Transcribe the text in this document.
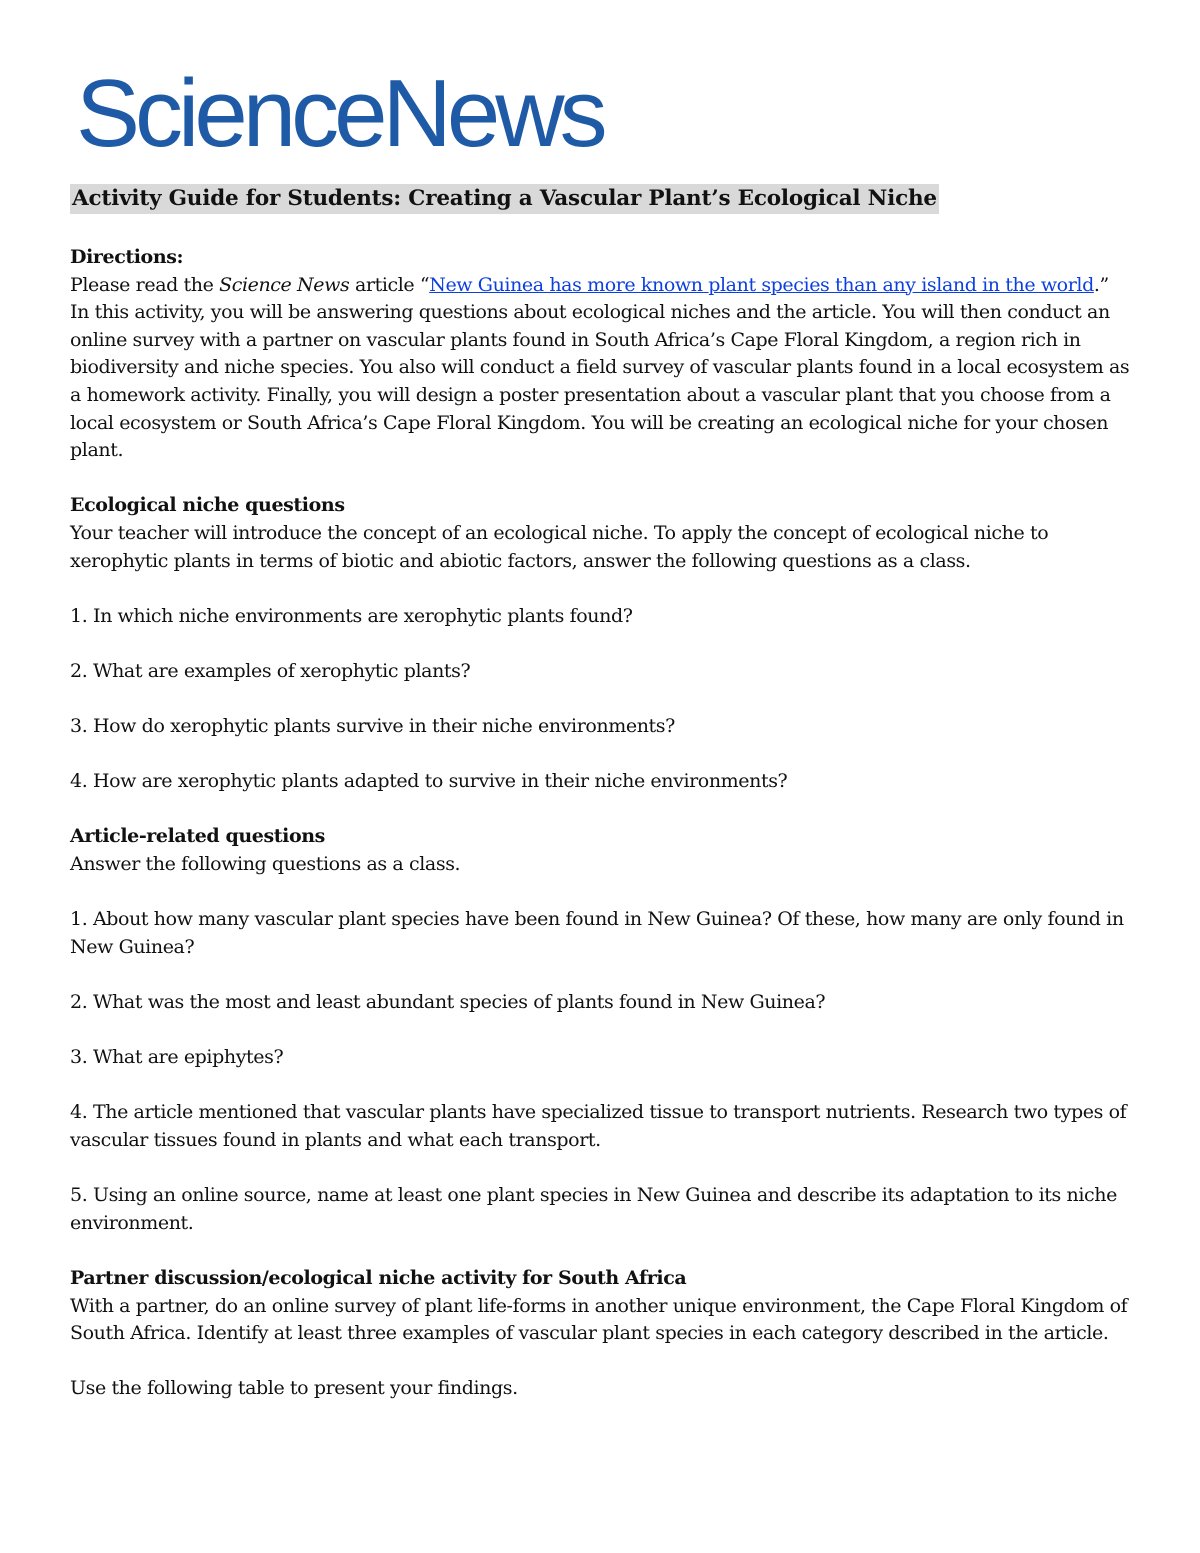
ScienceNews
Activity Guide for Students: Creating a Vascular Plant’s Ecological Niche

Directions:
Please read the Science News article “New Guinea has more known plant species than any island in the world.” In this activity, you will be answering questions about ecological niches and the article. You will then conduct an online survey with a partner on vascular plants found in South Africa’s Cape Floral Kingdom, a region rich in biodiversity and niche species. You also will conduct a field survey of vascular plants found in a local ecosystem as a homework activity. Finally, you will design a poster presentation about a vascular plant that you choose from a local ecosystem or South Africa’s Cape Floral Kingdom. You will be creating an ecological niche for your chosen plant.

Ecological niche questions
Your teacher will introduce the concept of an ecological niche. To apply the concept of ecological niche to xerophytic plants in terms of biotic and abiotic factors, answer the following questions as a class.

1. In which niche environments are xerophytic plants found?

2. What are examples of xerophytic plants?

3. How do xerophytic plants survive in their niche environments?

4. How are xerophytic plants adapted to survive in their niche environments?

Article-related questions
Answer the following questions as a class.

1. About how many vascular plant species have been found in New Guinea? Of these, how many are only found in New Guinea?

2. What was the most and least abundant species of plants found in New Guinea?

3. What are epiphytes?

4. The article mentioned that vascular plants have specialized tissue to transport nutrients. Research two types of vascular tissues found in plants and what each transport.

5. Using an online source, name at least one plant species in New Guinea and describe its adaptation to its niche environment.

Partner discussion/ecological niche activity for South Africa
With a partner, do an online survey of plant life-forms in another unique environment, the Cape Floral Kingdom of South Africa. Identify at least three examples of vascular plant species in each category described in the article.

Use the following table to present your findings.
